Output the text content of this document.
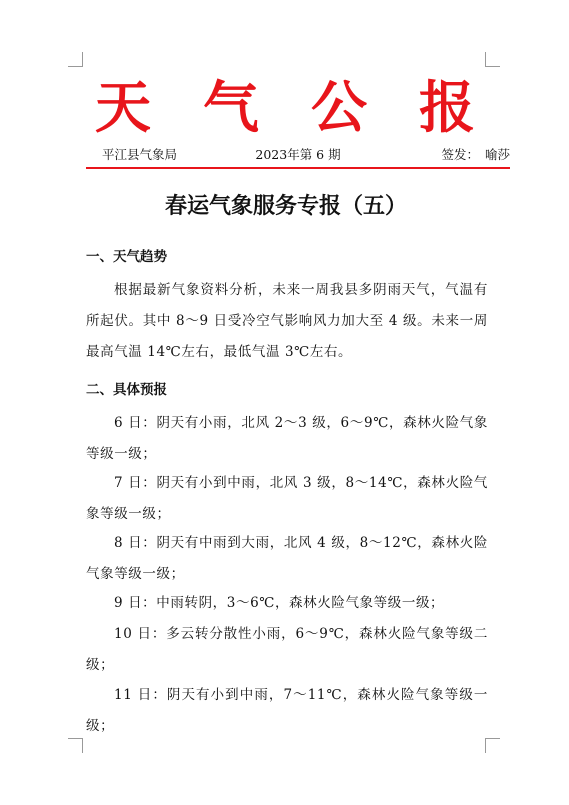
天 气 公 报
平江县气象局	2023年第 6 期	签发： 喻莎
春运气象服务专报（五）
一、天气趋势
根据最新气象资料分析，未来一周我县多阴雨天气，气温有所起伏。其中 8～9 日受冷空气影响风力加大至 4 级。未来一周最高气温 14℃左右，最低气温 3℃左右。
二、具体预报
6 日：阴天有小雨，北风 2～3 级，6～9℃，森林火险气象等级一级；
7 日：阴天有小到中雨，北风 3 级，8～14℃，森林火险气象等级一级；
8 日：阴天有中雨到大雨，北风 4 级，8～12℃，森林火险气象等级一级；
9 日：中雨转阴，3～6℃，森林火险气象等级一级；
10 日：多云转分散性小雨，6～9℃，森林火险气象等级二级；
11 日：阴天有小到中雨，7～11℃，森林火险气象等级一级；
